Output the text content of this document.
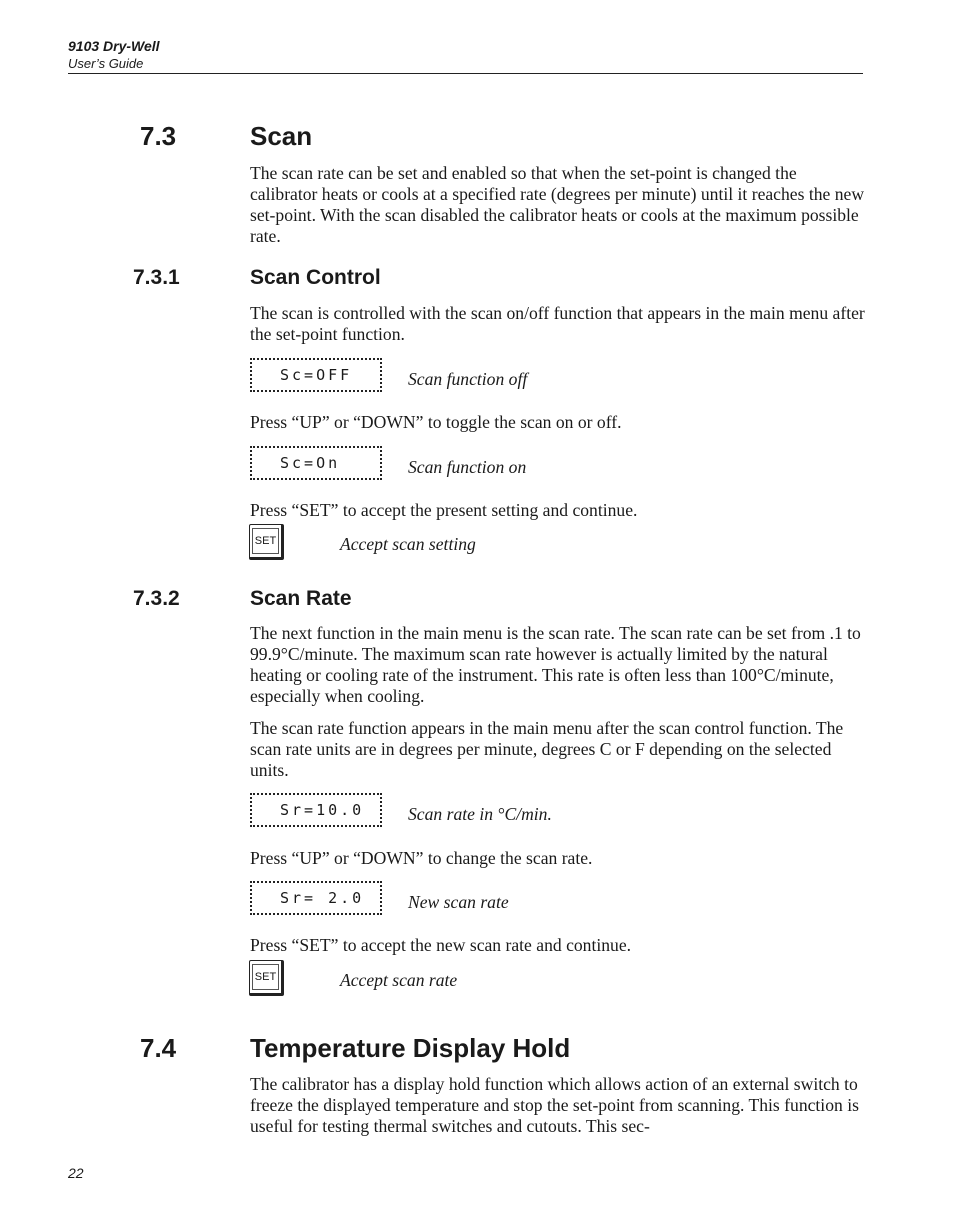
9103 Dry-Well
User’s Guide
7.3	Scan
The scan rate can be set and enabled so that when the set-point is changed the calibrator heats or cools at a specified rate (degrees per minute) until it reaches the new set-point. With the scan disabled the calibrator heats or cools at the maximum possible rate.
7.3.1	Scan Control
The scan is controlled with the scan on/off function that appears in the main menu after the set-point function.
Sc=OFF	Scan function off
Press “UP” or “DOWN” to toggle the scan on or off.
Sc=On	Scan function on
Press “SET” to accept the present setting and continue.
SET	Accept scan setting
7.3.2	Scan Rate
The next function in the main menu is the scan rate. The scan rate can be set from .1 to 99.9°C/minute. The maximum scan rate however is actually limited by the natural heating or cooling rate of the instrument. This rate is often less than 100°C/minute, especially when cooling.
The scan rate function appears in the main menu after the scan control function. The scan rate units are in degrees per minute, degrees C or F depending on the selected units.
Sr=10.0	Scan rate in °C/min.
Press “UP” or “DOWN” to change the scan rate.
Sr= 2.0	New scan rate
Press “SET” to accept the new scan rate and continue.
SET	Accept scan rate
7.4	Temperature Display Hold
The calibrator has a display hold function which allows action of an external switch to freeze the displayed temperature and stop the set-point from scanning. This function is useful for testing thermal switches and cutouts. This sec-
22
